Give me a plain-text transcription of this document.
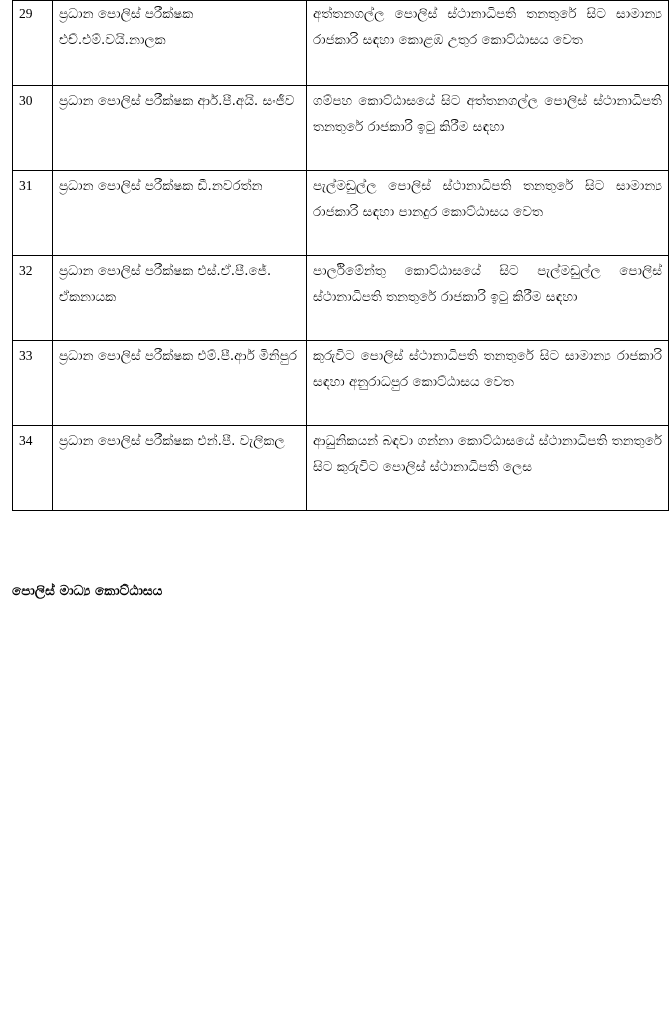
29	ප්‍රධාන පොලිස් පරීක්ෂක එච්.එම්.වයි.නාලක	අත්තනගල්ල පොලිස් ස්ථානාධිපති තනතුරේ සිට සාමාන්‍ය රාජකාරි සඳහා කොළඹ උතුර කොට්ඨාසය වෙත
30	ප්‍රධාන පොලිස් පරීක්ෂක ආර්.පී.අයි. සංජීව	ගම්පහ කොට්ඨාසයේ සිට අත්තනගල්ල පොලිස් ස්ථානාධිපති තනතුරේ රාජකාරි ඉටු කිරීම සඳහා
31	ප්‍රධාන පොලිස් පරීක්ෂක ඩී.නවරත්න	පැල්මඩුල්ල පොලිස් ස්ථානාධිපති තනතුරේ සිට සාමාන්‍ය රාජකාරි සඳහා පානදුර කොට්ඨාසය වෙත
32	ප්‍රධාන පොලිස් පරීක්ෂක එස්.ඒ.පී.ජේ. ඒකනායක	පාර්ලිමේන්තු කොට්ඨාසයේ සිට පැල්මඩුල්ල පොලිස් ස්ථානාධිපති තනතුරේ රාජකාරි ඉටු කිරීම සඳහා
33	ප්‍රධාන පොලිස් පරීක්ෂක එම්.පී.ආර් මිනිපුර	කුරුවිට පොලිස් ස්ථානාධිපති තනතුරේ සිට සාමාන්‍ය රාජකාරි සඳහා අනුරාධපුර කොට්ඨාසය වෙත
34	ප්‍රධාන පොලිස් පරීක්ෂක එන්.පී. වැලිකල	ආධුනිකයන් බඳවා ගන්නා කොට්ඨාසයේ ස්ථානාධිපති තනතුරේ සිට කුරුවිට පොලිස් ස්ථානාධිපති ලෙස

පොලිස් මාධ්‍ය කොට්ඨාසය
